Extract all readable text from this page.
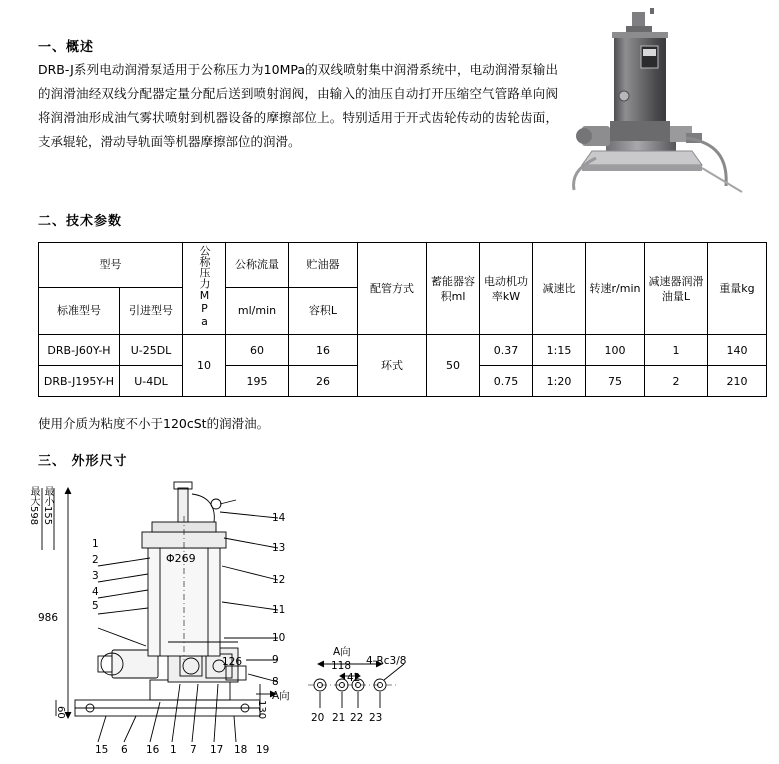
一、概述

DRB-J系列电动润滑泵适用于公称压力为10MPa的双线喷射集中润滑系统中，电动润滑泵输出的润滑油经双线分配器定量分配后送到喷射润阀，由输入的油压自动打开压缩空气管路单向阀将润滑油形成油气雾状喷射到机器设备的摩擦部位上。特别适用于开式齿轮传动的齿轮齿面，支承辊轮，滑动导轨面等机器摩擦部位的润滑。

二、技术参数
型号		公称压力MPa	公称流量	贮油器	配管方式	蓄能器容积ml	电动机功率kW	减速比	转速r/min	减速器润滑油量L	重量kg
标准型号	引进型号		ml/min	容积L							
DRB-J60Y-H	U-25DL	10	60	16	环式	50	0.37	1:15	100	1	140
DRB-J195Y-H	U-4DL		195	26			0.75	1:20	75	2	210
使用介质为粘度不小于120cSt的润滑油。
三、 外形尺寸
最大598 最小155
986
Φ269
60
126
130
A向
1
2
3
4
5
14
13
12
11
10
9
8
15 6 16 1 7 17 18 19
A向
118
42
4-Rc3/8
20 21 22 23
